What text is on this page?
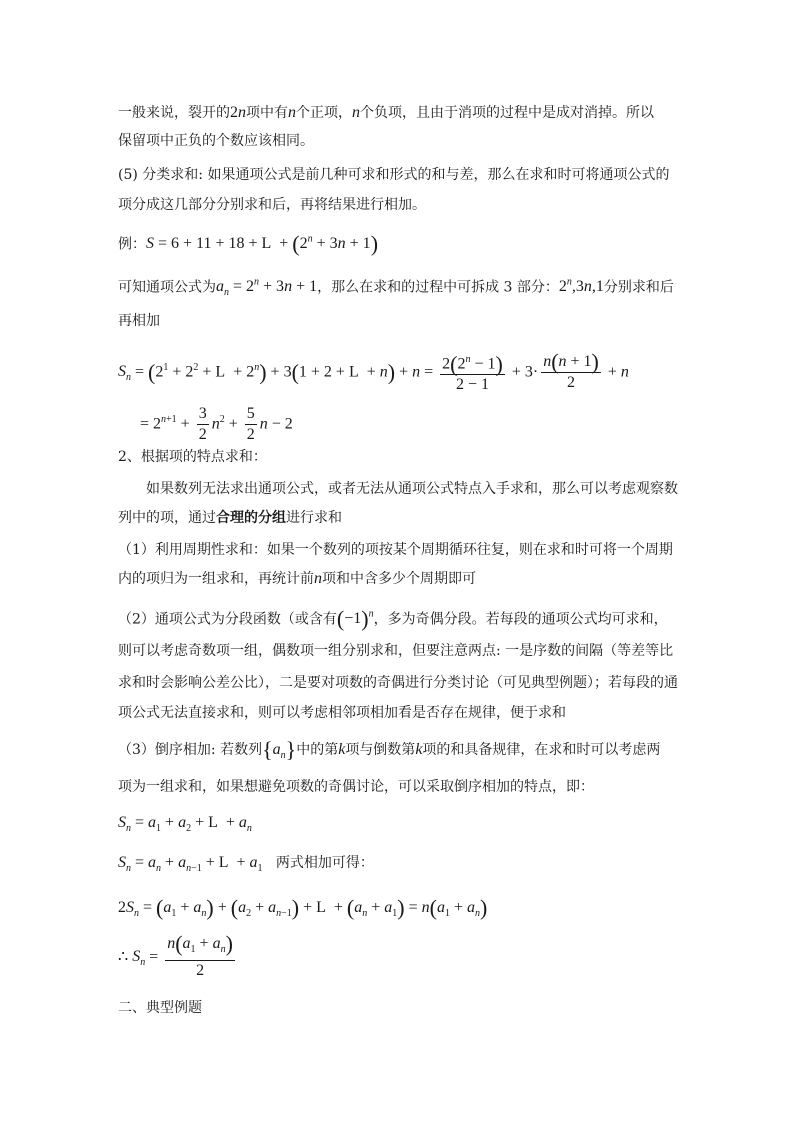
一般来说，裂开的2n项中有n个正项，n个负项，且由于消项的过程中是成对消掉。所以
保留项中正负的个数应该相同。
(5) 分类求和: 如果通项公式是前几种可求和形式的和与差，那么在求和时可将通项公式的
项分成这几部分分别求和后，再将结果进行相加。
例：$S = 6 + 11 + 18 + L + (2^n + 3n + 1)$
可知通项公式为$a_n = 2^n + 3n + 1$，那么在求和的过程中可拆成 3 部分：2$^n$,3n,1分别求和后
再相加
$S_n = (2^1 + 2^2 + L + 2^n) + 3(1 + 2 + L + n) + n = \frac{2(2^n - 1)}{2 - 1} + 3\cdot \frac{n(n + 1)}{2} + n$
= $2^{n+1} + \frac{3}{2} n^2 + \frac{5}{2}$ n − 2
2、根据项的特点求和：
如果数列无法求出通项公式，或者无法从通项公式特点入手求和，那么可以考虑观察数
列中的项，通过合理的分组进行求和
（1）利用周期性求和：如果一个数列的项按某个周期循环往复，则在求和时可将一个周期
内的项归为一组求和，再统计前n项和中含多少个周期即可
（2）通项公式为分段函数（或含有$(-1)^n$，多为奇偶分段。若每段的通项公式均可求和，
则可以考虑奇数项一组，偶数项一组分别求和，但要注意两点: 一是序数的间隔（等差等比
求和时会影响公差公比），二是要对项数的奇偶进行分类讨论（可见典型例题）；若每段的通
项公式无法直接求和，则可以考虑相邻项相加看是否存在规律，便于求和
（3）倒序相加: 若数列$\{a_n\}$中的第k项与倒数第k项的和具备规律，在求和时可以考虑两
项为一组求和，如果想避免项数的奇偶讨论，可以采取倒序相加的特点，即：
$S_n = a_1 + a_2 + L + a_n$
$S_n = a_n + a_{n-1} + L + a_1$ 两式相加可得：
$2S_n = (a_1 + a_n) + (a_2 + a_{n-1}) + L + (a_n + a_1) = n(a_1 + a_n)$
∴ $S_n = \frac{n(a_1 + a_n)}{2}$
二、典型例题
